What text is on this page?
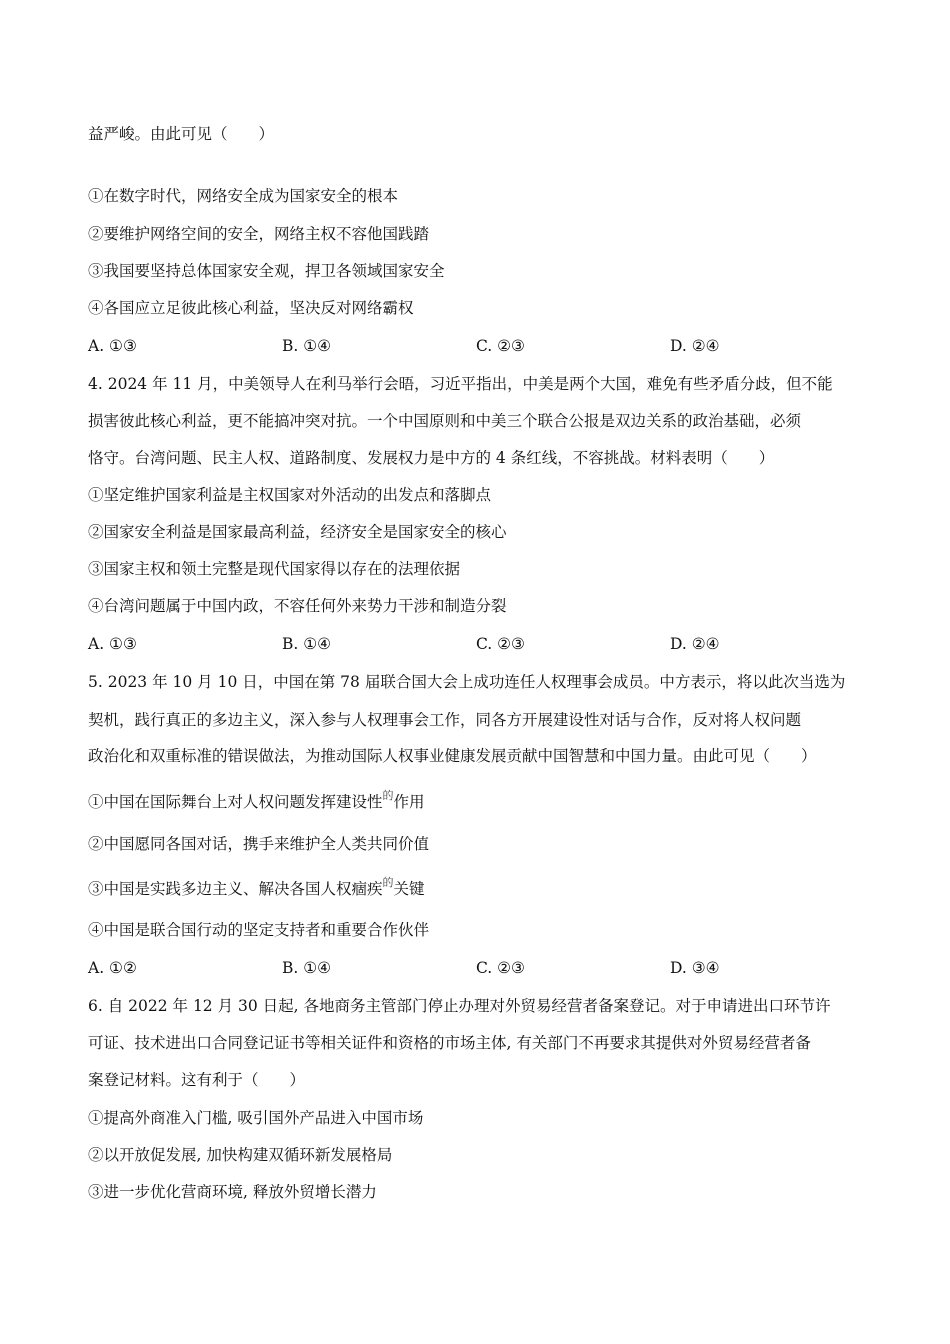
益严峻。由此可见（　　）
①在数字时代，网络安全成为国家安全的根本
②要维护网络空间的安全，网络主权不容他国践踏
③我国要坚持总体国家安全观，捍卫各领域国家安全
④各国应立足彼此核心利益，坚决反对网络霸权
A. ①③	B. ①④	C. ②③	D. ②④
4. 2024 年 11 月，中美领导人在利马举行会晤，习近平指出，中美是两个大国，难免有些矛盾分歧，但不能
损害彼此核心利益，更不能搞冲突对抗。一个中国原则和中美三个联合公报是双边关系的政治基础，必须
恪守。台湾问题、民主人权、道路制度、发展权力是中方的 4 条红线，不容挑战。材料表明（　　）
①坚定维护国家利益是主权国家对外活动的出发点和落脚点
②国家安全利益是国家最高利益，经济安全是国家安全的核心
③国家主权和领土完整是现代国家得以存在的法理依据
④台湾问题属于中国内政，不容任何外来势力干涉和制造分裂
A. ①③	B. ①④	C. ②③	D. ②④
5. 2023 年 10 月 10 日，中国在第 78 届联合国大会上成功连任人权理事会成员。中方表示，将以此次当选为
契机，践行真正的多边主义，深入参与人权理事会工作，同各方开展建设性对话与合作，反对将人权问题
政治化和双重标准的错误做法，为推动国际人权事业健康发展贡献中国智慧和中国力量。由此可见（　　）
①中国在国际舞台上对人权问题发挥建设性$^的$作用
②中国愿同各国对话，携手来维护全人类共同价值
③中国是实践多边主义、解决各国人权痼疾$^的$关键
④中国是联合国行动的坚定支持者和重要合作伙伴
A. ①②	B. ①④	C. ②③	D. ③④
6. 自 2022 年 12 月 30 日起, 各地商务主管部门停止办理对外贸易经营者备案登记。对于申请进出口环节许
可证、技术进出口合同登记证书等相关证件和资格的市场主体, 有关部门不再要求其提供对外贸易经营者备
案登记材料。这有利于（　　）
①提高外商准入门槛, 吸引国外产品进入中国市场
②以开放促发展, 加快构建双循环新发展格局
③进一步优化营商环境, 释放外贸增长潜力
